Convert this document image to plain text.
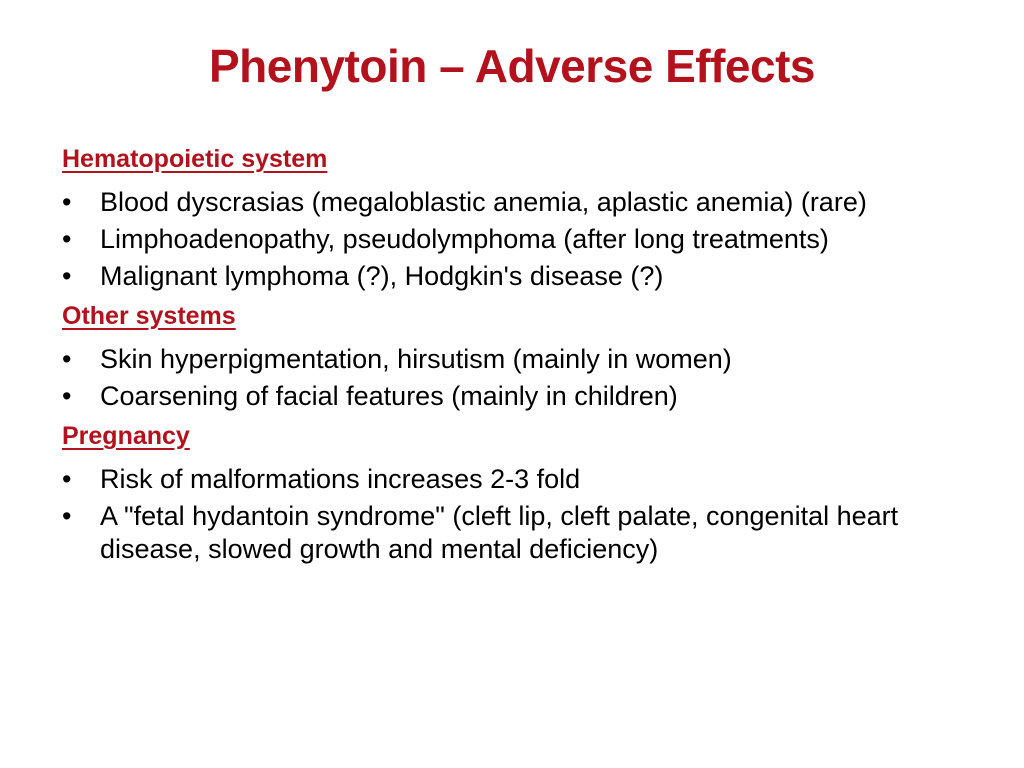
Phenytoin – Adverse Effects
Hematopoietic system
• Blood dyscrasias (megaloblastic anemia, aplastic anemia) (rare)
• Limphoadenopathy, pseudolymphoma (after long treatments)
• Malignant lymphoma (?), Hodgkin's disease (?)
Other systems
• Skin hyperpigmentation, hirsutism (mainly in women)
• Coarsening of facial features (mainly in children)
Pregnancy
• Risk of malformations increases 2-3 fold
• A "fetal hydantoin syndrome" (cleft lip, cleft palate, congenital heart disease, slowed growth and mental deficiency)
